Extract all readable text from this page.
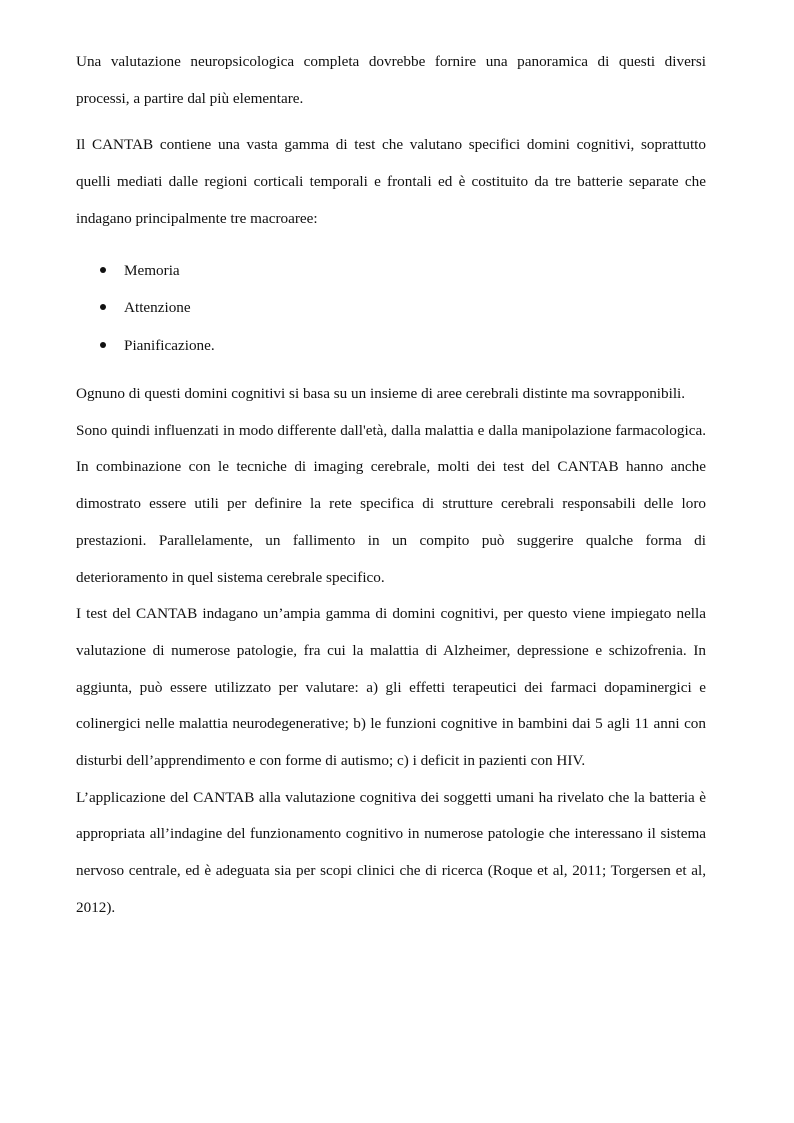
Una valutazione neuropsicologica completa dovrebbe fornire una panoramica di questi diversi processi, a partire dal più elementare.

Il CANTAB contiene una vasta gamma di test che valutano specifici domini cognitivi, soprattutto quelli mediati dalle regioni corticali temporali e frontali ed è costituito da tre batterie separate che indagano principalmente tre macroaree:

Memoria
Attenzione
Pianificazione.

Ognuno di questi domini cognitivi si basa su un insieme di aree cerebrali distinte ma sovrapponibili.

Sono quindi influenzati in modo differente dall'età, dalla malattia e dalla manipolazione farmacologica. In combinazione con le tecniche di imaging cerebrale, molti dei test del CANTAB hanno anche dimostrato essere utili per definire la rete specifica di strutture cerebrali responsabili delle loro prestazioni. Parallelamente, un fallimento in un compito può suggerire qualche forma di deterioramento in quel sistema cerebrale specifico.

I test del CANTAB indagano un’ampia gamma di domini cognitivi, per questo viene impiegato nella valutazione di numerose patologie, fra cui la malattia di Alzheimer, depressione e schizofrenia. In aggiunta, può essere utilizzato per valutare: a) gli effetti terapeutici dei farmaci dopaminergici e colinergici nelle malattia neurodegenerative; b) le funzioni cognitive in bambini dai 5 agli 11 anni con disturbi dell’apprendimento e con forme di autismo; c) i deficit in pazienti con HIV.

L’applicazione del CANTAB alla valutazione cognitiva dei soggetti umani ha rivelato che la batteria è appropriata all’indagine del funzionamento cognitivo in numerose patologie che interessano il sistema nervoso centrale, ed è adeguata sia per scopi clinici che di ricerca (Roque et al, 2011; Torgersen et al, 2012).
